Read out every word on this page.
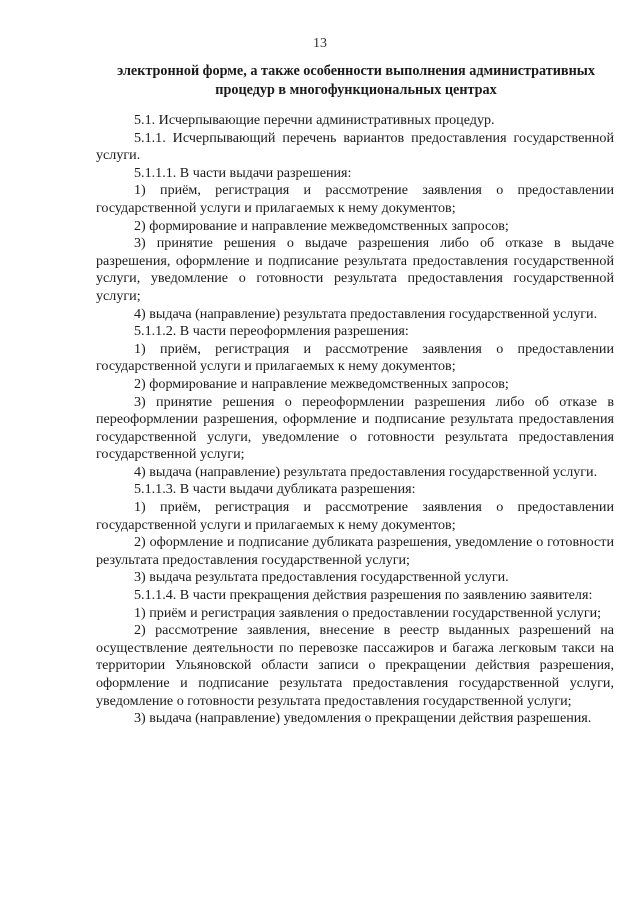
13
электронной форме, а также особенности выполнения административных
процедур в многофункциональных центрах

5.1. Исчерпывающие перечни административных процедур.

5.1.1. Исчерпывающий перечень вариантов предоставления государственной услуги.

5.1.1.1. В части выдачи разрешения:

1) приём, регистрация и рассмотрение заявления о предоставлении государственной услуги и прилагаемых к нему документов;

2) формирование и направление межведомственных запросов;

3) принятие решения о выдаче разрешения либо об отказе в выдаче разрешения, оформление и подписание результата предоставления государственной услуги, уведомление о готовности результата предоставления государственной услуги;

4) выдача (направление) результата предоставления государственной услуги.

5.1.1.2. В части переоформления разрешения:

1) приём, регистрация и рассмотрение заявления о предоставлении государственной услуги и прилагаемых к нему документов;

2) формирование и направление межведомственных запросов;

3) принятие решения о переоформлении разрешения либо об отказе в переоформлении разрешения, оформление и подписание результата предоставления государственной услуги, уведомление о готовности результата предоставления государственной услуги;

4) выдача (направление) результата предоставления государственной услуги.

5.1.1.3. В части выдачи дубликата разрешения:

1) приём, регистрация и рассмотрение заявления о предоставлении государственной услуги и прилагаемых к нему документов;

2) оформление и подписание дубликата разрешения, уведомление о готовности результата предоставления государственной услуги;

3) выдача результата предоставления государственной услуги.

5.1.1.4. В части прекращения действия разрешения по заявлению заявителя:

1) приём и регистрация заявления о предоставлении государственной услуги;

2) рассмотрение заявления, внесение в реестр выданных разрешений на осуществление деятельности по перевозке пассажиров и багажа легковым такси на территории Ульяновской области записи о прекращении действия разрешения, оформление и подписание результата предоставления государственной услуги, уведомление о готовности результата предоставления государственной услуги;

3) выдача (направление) уведомления о прекращении действия разрешения.
